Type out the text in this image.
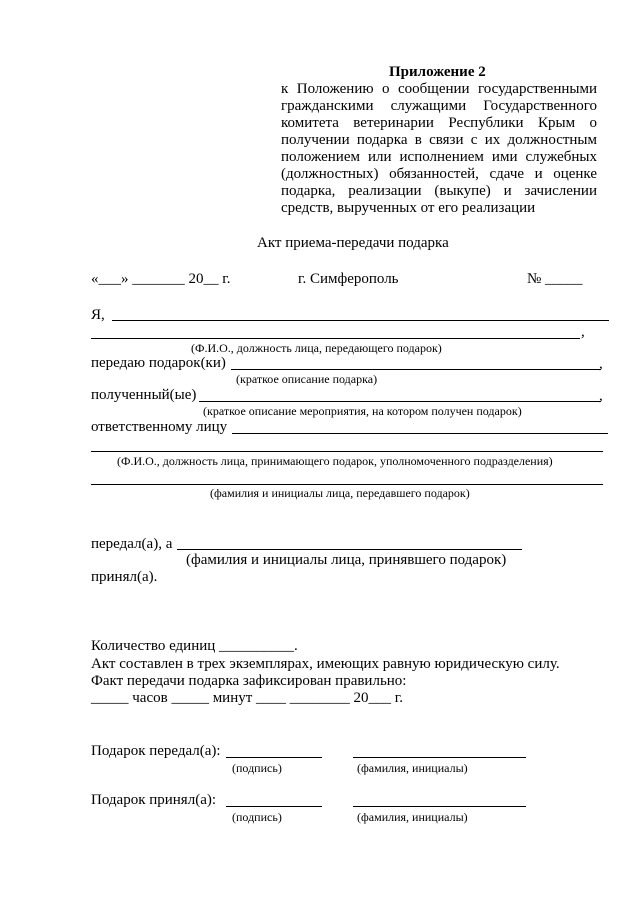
Приложение 2
к Положению о сообщении государственными
гражданскими служащими Государственного
комитета ветеринарии Республики Крым о
получении подарка в связи с их должностным
положением или исполнением ими служебных
(должностных) обязанностей, сдаче и оценке
подарка, реализации (выкупе) и зачислении
средств, вырученных от его реализации
Акт приема-передачи подарка
«___» _______ 20__ г.	г. Симферополь	№ _____
Я,
,
(Ф.И.О., должность лица, передающего подарок)
передаю подарок(ки)	,
(краткое описание подарка)
полученный(ые)	,
(краткое описание мероприятия, на котором получен подарок)
ответственному лицу
(Ф.И.О., должность лица, принимающего подарок, уполномоченного подразделения)
(фамилия и инициалы лица, передавшего подарок)
передал(а), а
(фамилия и инициалы лица, принявшего подарок)
принял(а).
Количество единиц __________.
Акт составлен в трех экземплярах, имеющих равную юридическую силу.
Факт передачи подарка зафиксирован правильно:
_____ часов _____ минут ____ ________ 20___ г.
Подарок передал(а):
(подпись)	(фамилия, инициалы)
Подарок принял(а):
(подпись)	(фамилия, инициалы)
